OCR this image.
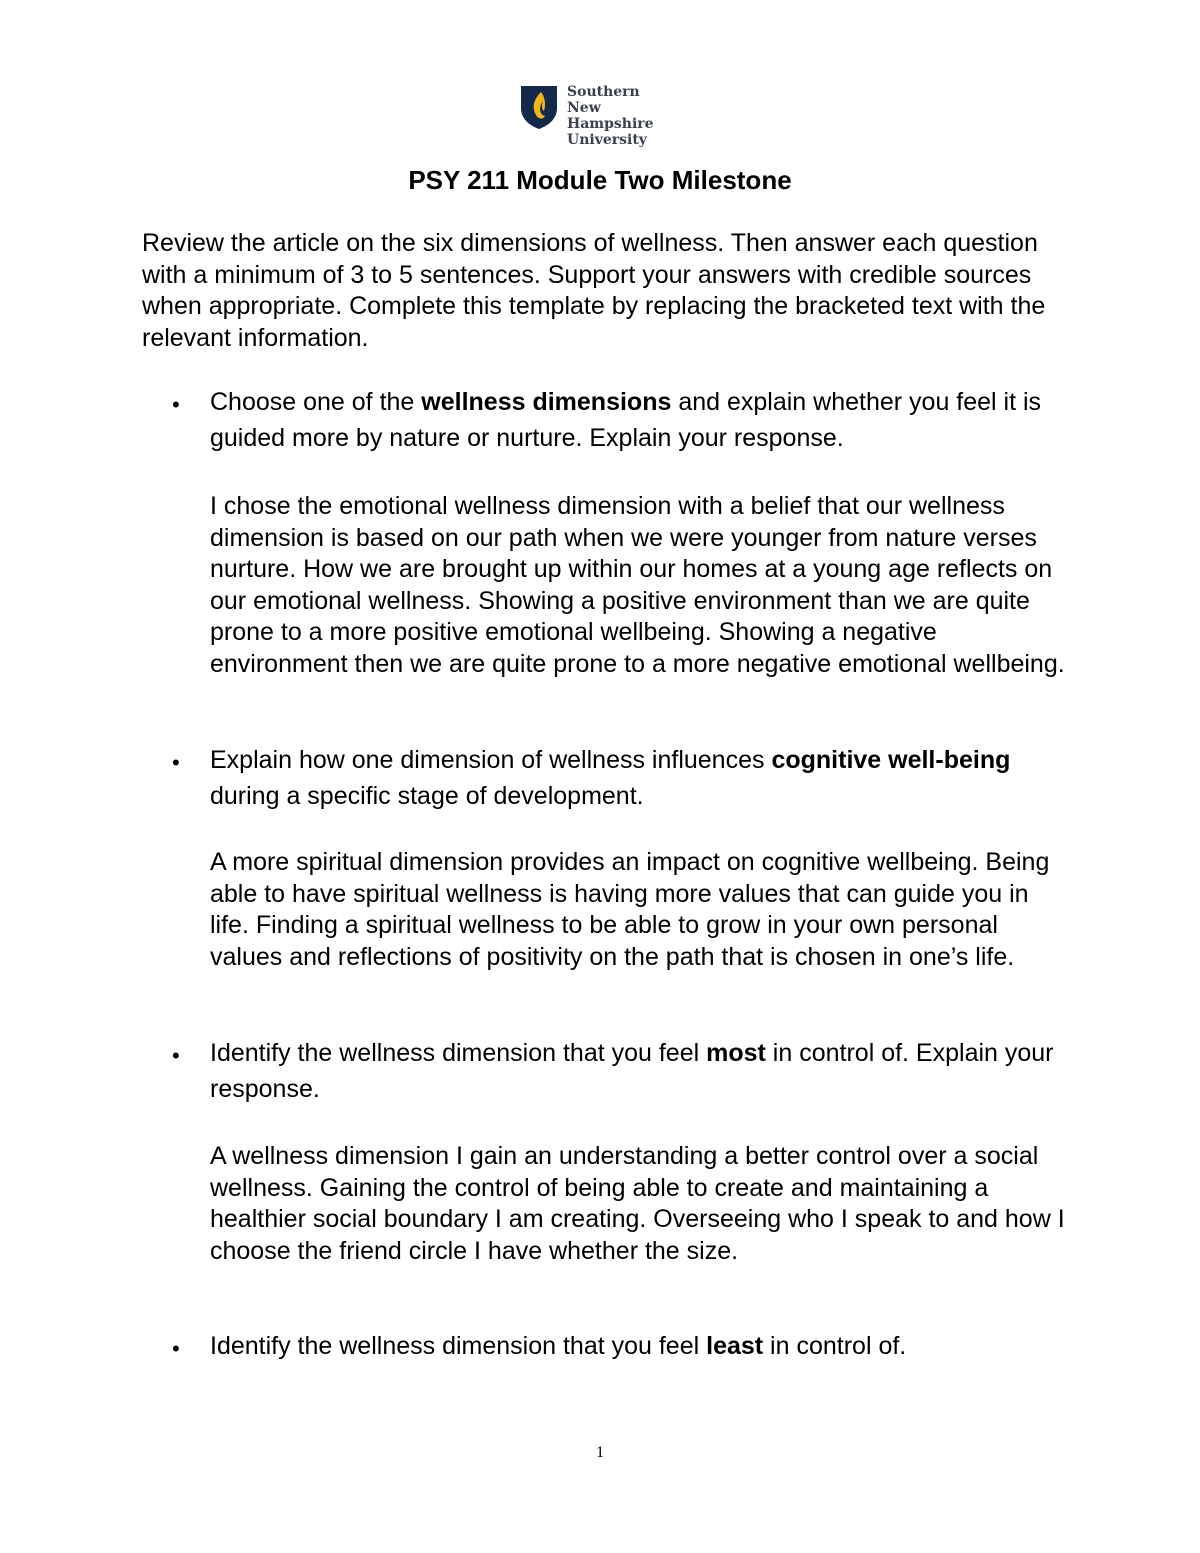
Southern
New Hampshire
University
PSY 211 Module Two Milestone

Review the article on the six dimensions of wellness. Then answer each question with a minimum of 3 to 5 sentences. Support your answers with credible sources when appropriate. Complete this template by replacing the bracketed text with the relevant information.

• Choose one of the wellness dimensions and explain whether you feel it is guided more by nature or nurture. Explain your response.

I chose the emotional wellness dimension with a belief that our wellness dimension is based on our path when we were younger from nature verses nurture. How we are brought up within our homes at a young age reflects on our emotional wellness. Showing a positive environment than we are quite prone to a more positive emotional wellbeing. Showing a negative environment then we are quite prone to a more negative emotional wellbeing.

• Explain how one dimension of wellness influences cognitive well-being during a specific stage of development.

A more spiritual dimension provides an impact on cognitive wellbeing. Being able to have spiritual wellness is having more values that can guide you in life. Finding a spiritual wellness to be able to grow in your own personal values and reflections of positivity on the path that is chosen in one’s life.

• Identify the wellness dimension that you feel most in control of. Explain your response.

A wellness dimension I gain an understanding a better control over a social wellness. Gaining the control of being able to create and maintaining a healthier social boundary I am creating. Overseeing who I speak to and how I choose the friend circle I have whether the size.

• Identify the wellness dimension that you feel least in control of.

1
